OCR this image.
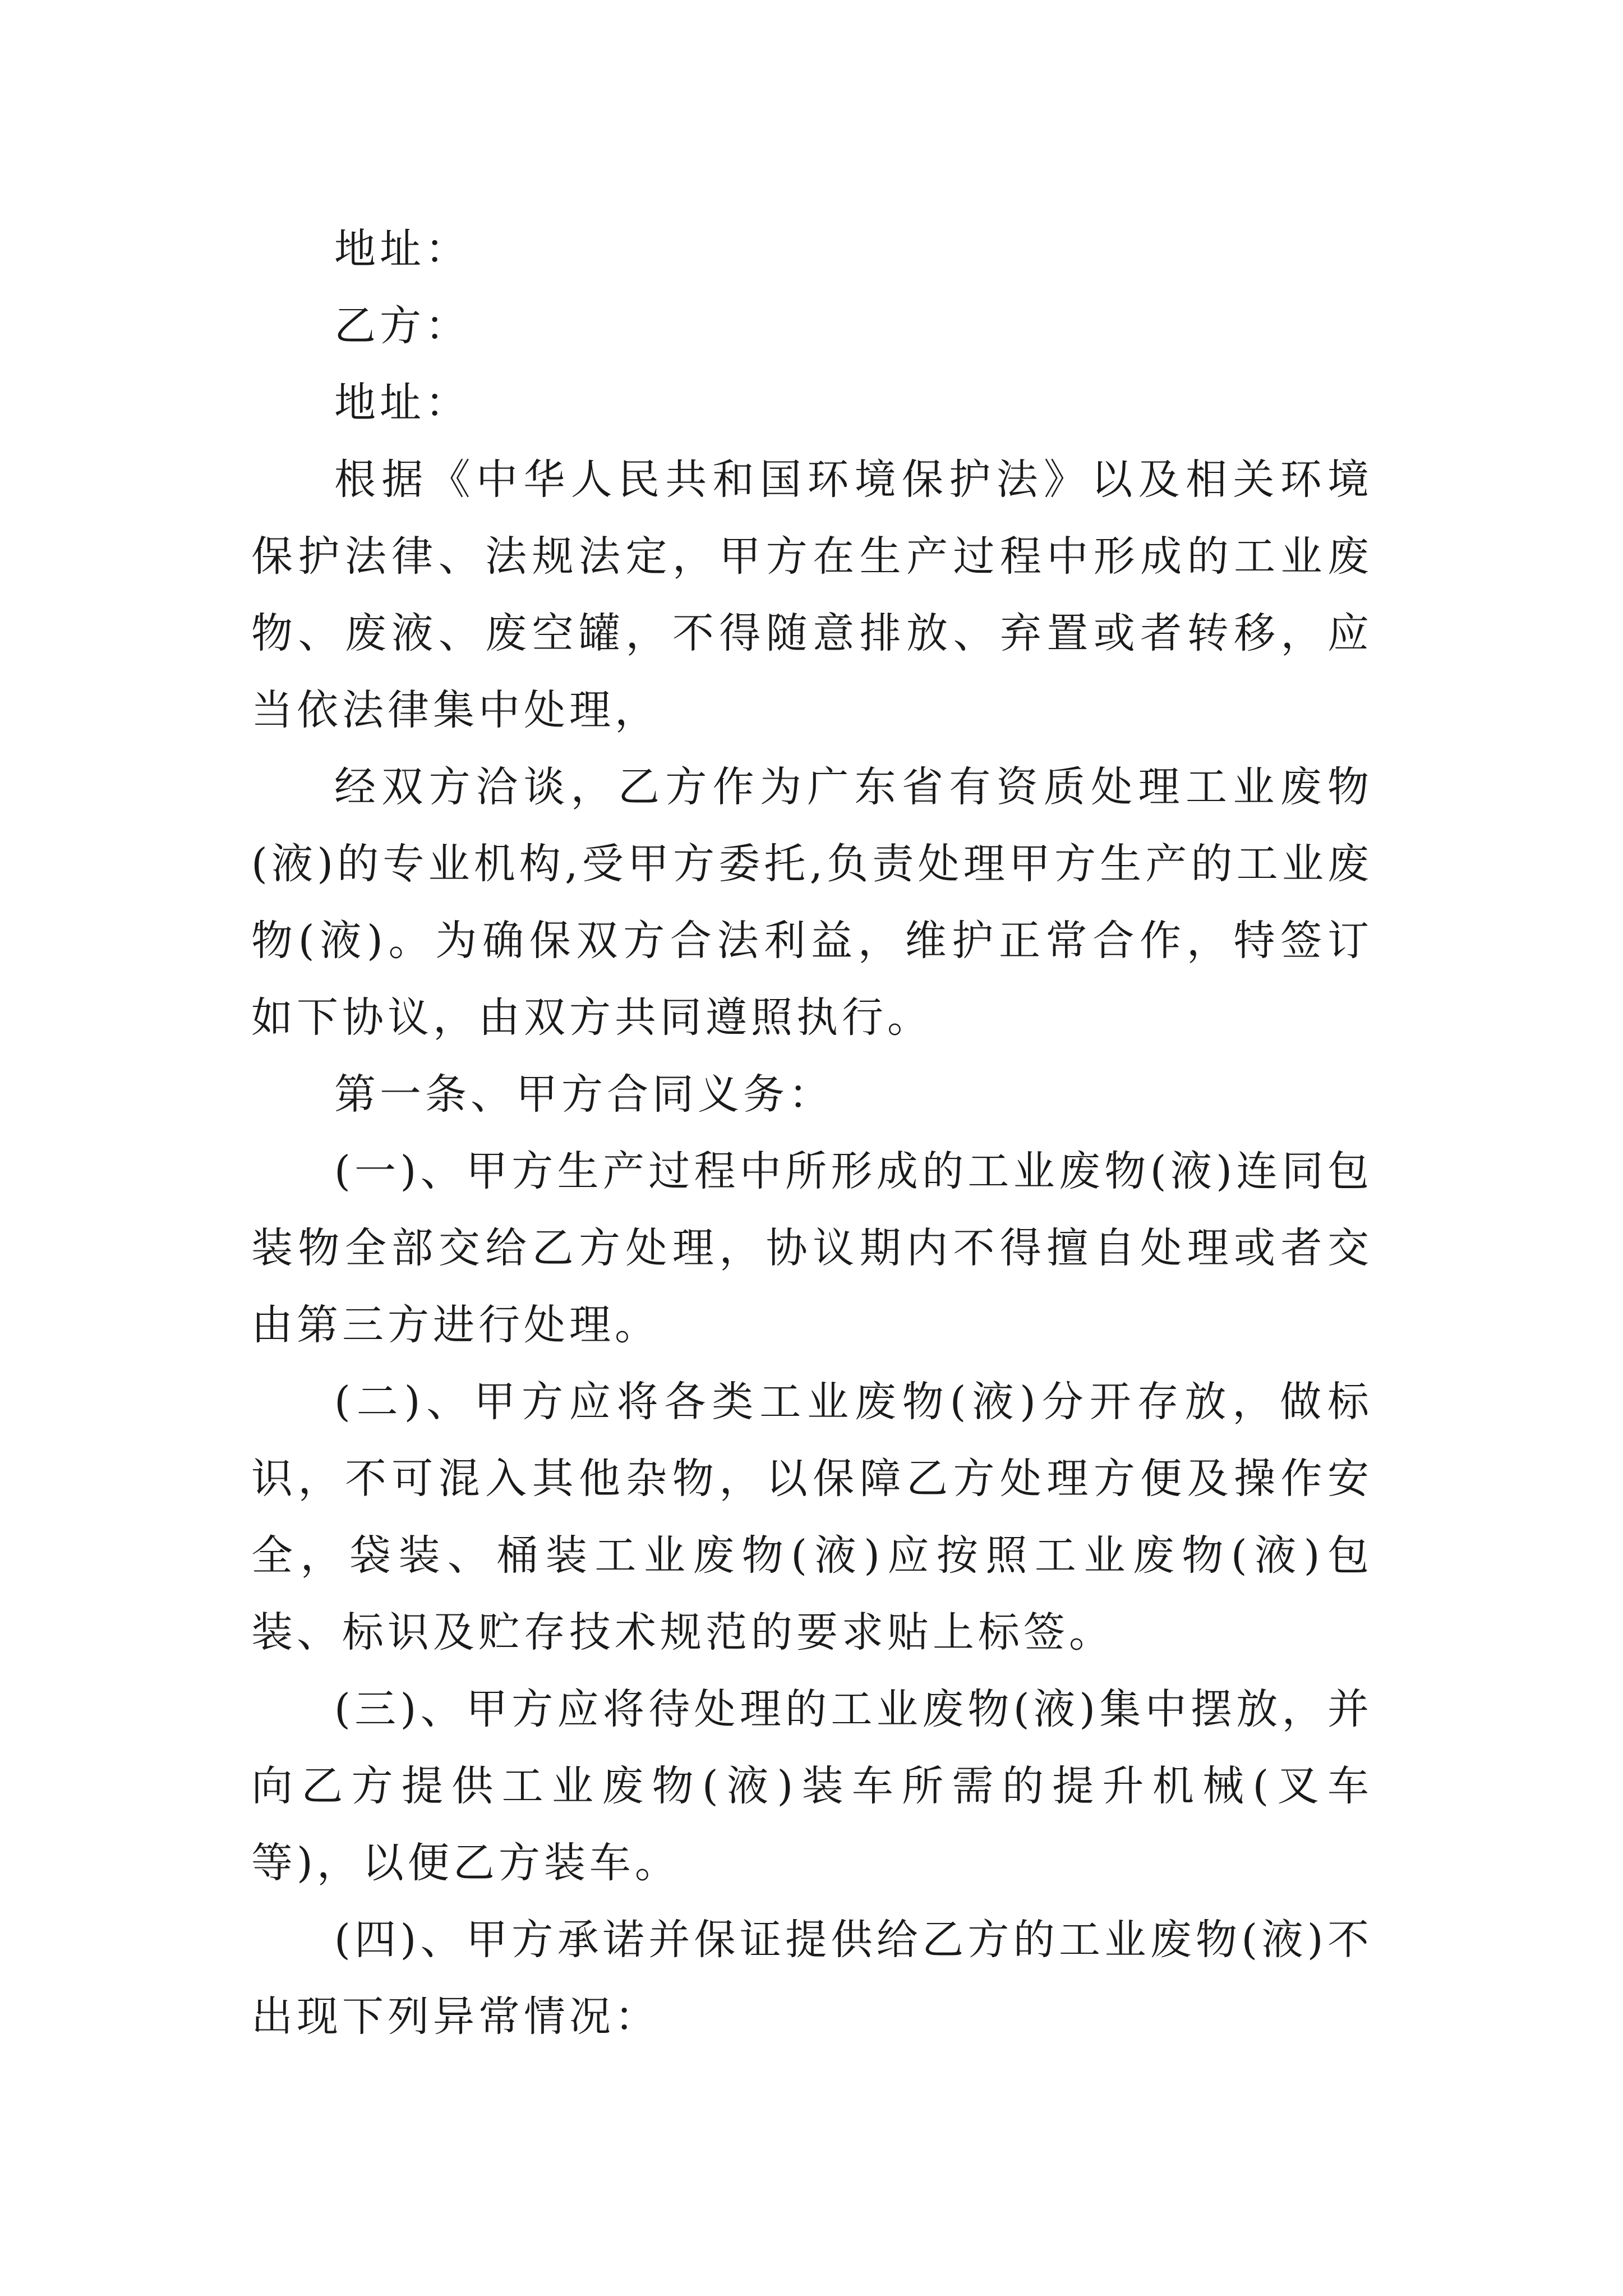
地址：

乙方：

地址：

根据《中华人民共和国环境保护法》以及相关环境保护法律、法规法定，甲方在生产过程中形成的工业废物、废液、废空罐，不得随意排放、弃置或者转移，应当依法律集中处理，

经双方洽谈，乙方作为广东省有资质处理工业废物(液)的专业机构,受甲方委托,负责处理甲方生产的工业废物(液)。为确保双方合法利益，维护正常合作，特签订如下协议，由双方共同遵照执行。

第一条、甲方合同义务：

(一)、甲方生产过程中所形成的工业废物(液)连同包装物全部交给乙方处理，协议期内不得擅自处理或者交由第三方进行处理。

(二)、甲方应将各类工业废物(液)分开存放，做标识，不可混入其他杂物，以保障乙方处理方便及操作安全，袋装、桶装工业废物(液)应按照工业废物(液)包装、标识及贮存技术规范的要求贴上标签。

(三)、甲方应将待处理的工业废物(液)集中摆放，并向乙方提供工业废物(液)装车所需的提升机械(叉车等)，以便乙方装车。

(四)、甲方承诺并保证提供给乙方的工业废物(液)不出现下列异常情况：
